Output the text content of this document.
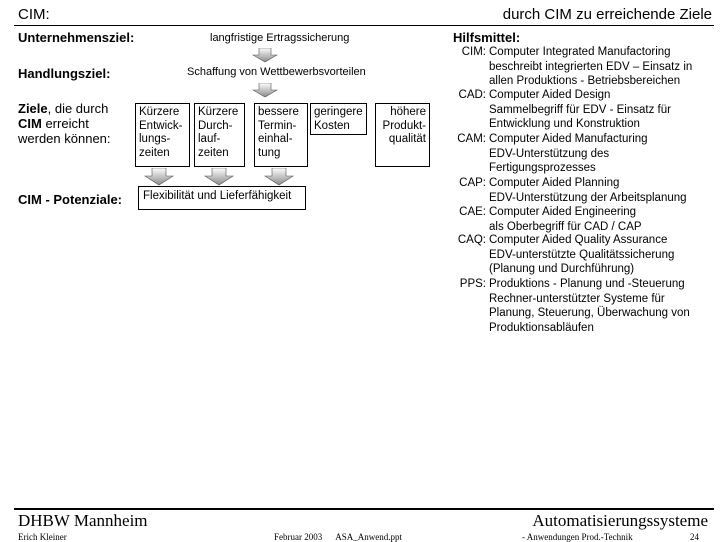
CIM:	durch CIM zu erreichende Ziele
Unternehmensziel:	langfristige Ertragssicherung
Handlungsziel:	Schaffung von Wettbewerbsvorteilen
Ziele, die durch
CIM erreicht
werden können:
Kürzere Entwick-lungs-zeiten
Kürzere Durch-lauf-zeiten
bessere Termin-einhal-tung
geringere Kosten
höhere Produkt-qualität
CIM - Potenziale:	Flexibilität und Lieferfähigkeit
Hilfsmittel:
CIM: Computer Integrated Manufactoring
beschreibt integrierten EDV – Einsatz in
allen Produktions - Betriebsbereichen
CAD: Computer Aided Design
Sammelbegriff für EDV - Einsatz für
Entwicklung und Konstruktion
CAM: Computer Aided Manufacturing
EDV-Unterstützung des
Fertigungsprozesses
CAP: Computer Aided Planning
EDV-Unterstützung der Arbeitsplanung
CAE: Computer Aided Engineering
als Oberbegriff für CAD / CAP
CAQ: Computer Aided Quality Assurance
EDV-unterstützte Qualitätssicherung
(Planung und Durchführung)
PPS: Produktions - Planung und -Steuerung
Rechner-unterstützter Systeme für
Planung, Steuerung, Überwachung von
Produktionsabläufen
DHBW Mannheim	Automatisierungssysteme
Erich Kleiner	Februar 2003      ASA_Anwend.ppt	- Anwendungen Prod.-Technik	24
